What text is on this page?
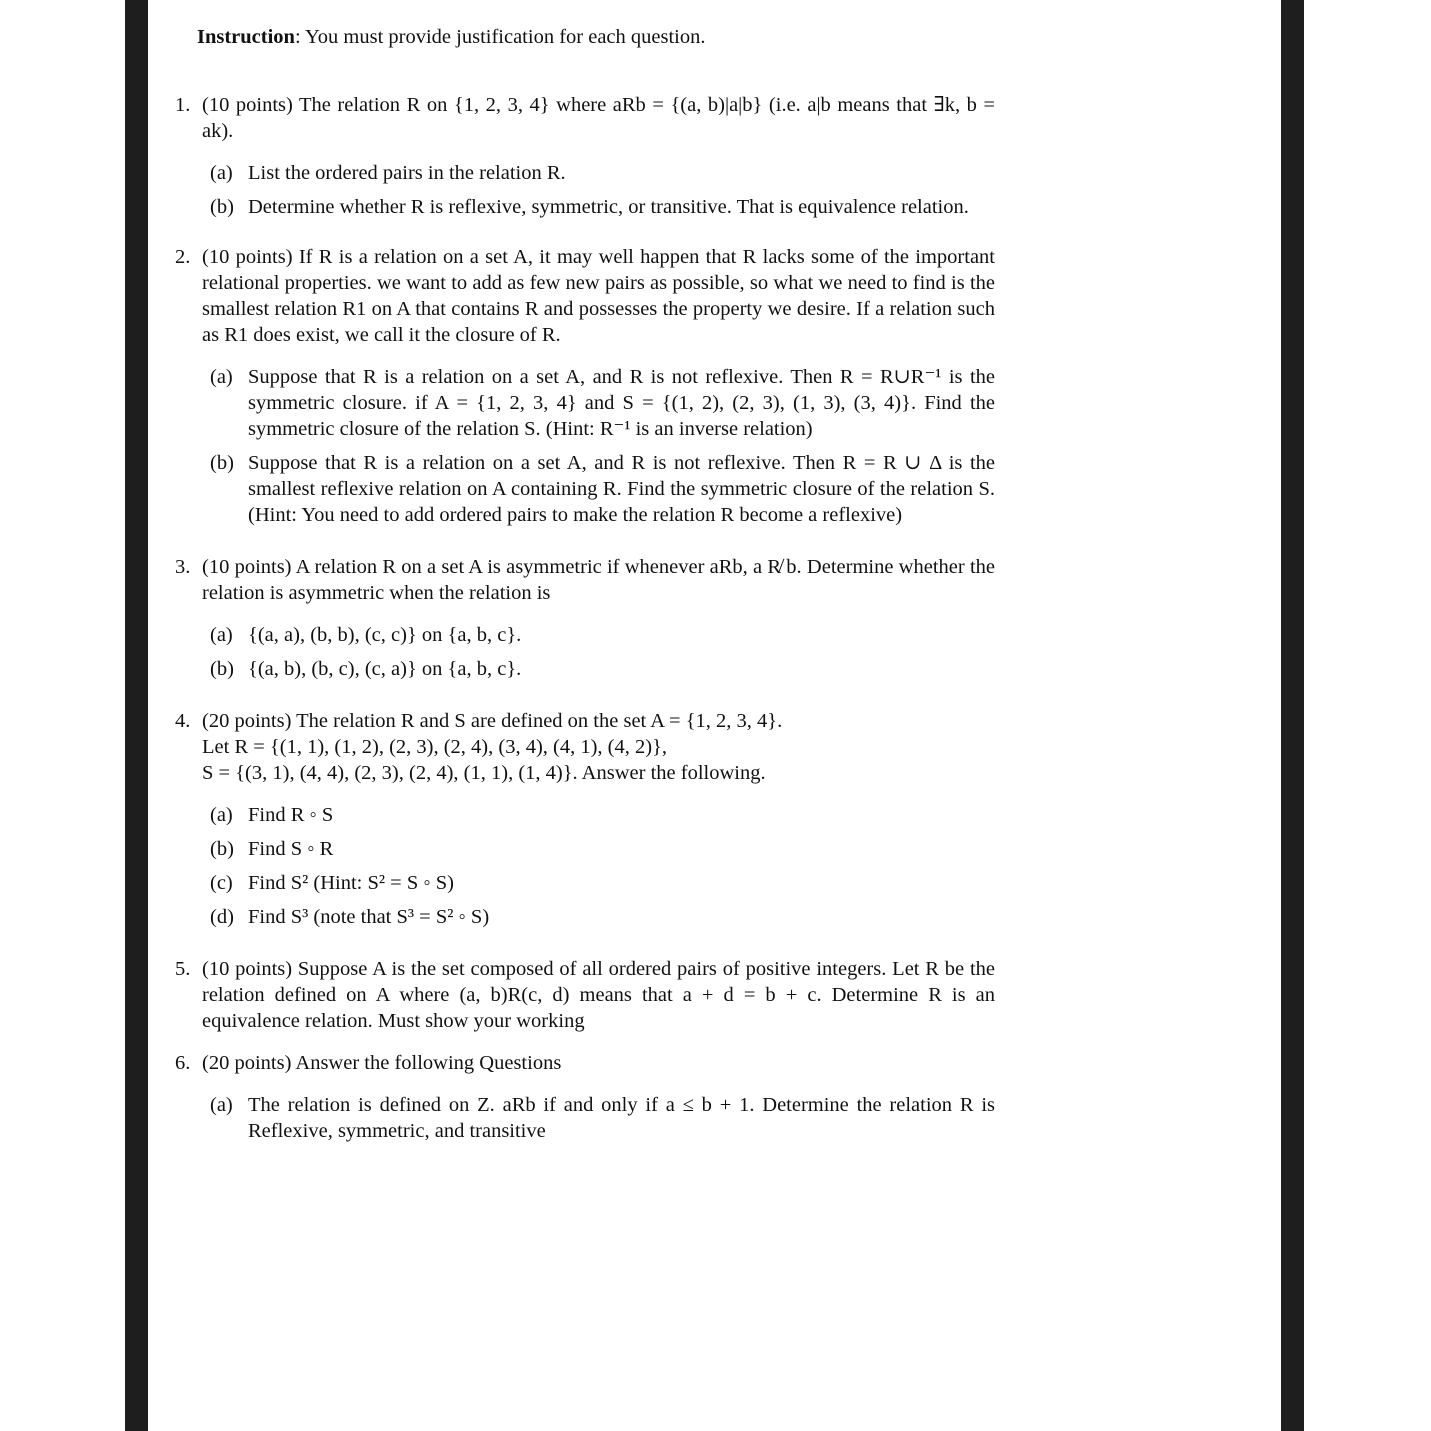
Instruction: You must provide justification for each question.
1. (10 points) The relation R on {1, 2, 3, 4} where aRb = {(a, b)|a|b} (i.e. a|b means that ∃k, b = ak).
(a) List the ordered pairs in the relation R.
(b) Determine whether R is reflexive, symmetric, or transitive. That is equivalence relation.
2. (10 points) If R is a relation on a set A, it may well happen that R lacks some of the important relational properties. we want to add as few new pairs as possible, so what we need to find is the smallest relation R1 on A that contains R and possesses the property we desire. If a relation such as R1 does exist, we call it the closure of R.
(a) Suppose that R is a relation on a set A, and R is not reflexive. Then R = R∪R⁻¹ is the symmetric closure. if A = {1, 2, 3, 4} and S = {(1, 2), (2, 3), (1, 3), (3, 4)}. Find the symmetric closure of the relation S. (Hint: R⁻¹ is an inverse relation)
(b) Suppose that R is a relation on a set A, and R is not reflexive. Then R = R ∪ Δ is the smallest reflexive relation on A containing R. Find the symmetric closure of the relation S. (Hint: You need to add ordered pairs to make the relation R become a reflexive)
3. (10 points) A relation R on a set A is asymmetric if whenever aRb, a R̸ b. Determine whether the relation is asymmetric when the relation is
(a) {(a, a), (b, b), (c, c)} on {a, b, c}.
(b) {(a, b), (b, c), (c, a)} on {a, b, c}.
4. (20 points) The relation R and S are defined on the set A = {1, 2, 3, 4}.
Let R = {(1, 1), (1, 2), (2, 3), (2, 4), (3, 4), (4, 1), (4, 2)},
S = {(3, 1), (4, 4), (2, 3), (2, 4), (1, 1), (1, 4)}. Answer the following.
(a) Find R ◦ S
(b) Find S ◦ R
(c) Find S² (Hint: S² = S ◦ S)
(d) Find S³ (note that S³ = S² ◦ S)
5. (10 points) Suppose A is the set composed of all ordered pairs of positive integers. Let R be the relation defined on A where (a, b)R(c, d) means that a + d = b + c. Determine R is an equivalence relation. Must show your working
6. (20 points) Answer the following Questions
(a) The relation is defined on Z. aRb if and only if a ≤ b + 1. Determine the relation R is Reflexive, symmetric, and transitive
